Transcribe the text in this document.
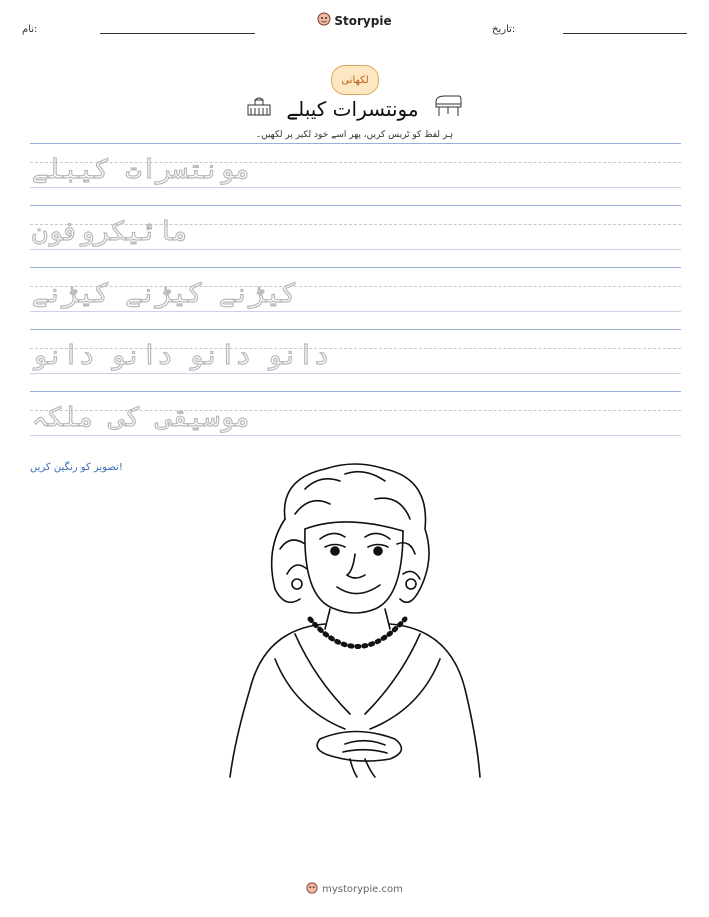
نام:	تاریخ:
Storypie
لکھانی
مونتسرات کیبلے
ہر لفظ کو ٹریس کریں، پھر اسے خود لکیر پر لکھیں۔
مونتسرات کیبلے
مائیکروفون
کیڑنے کیڑنے کیڑنے
دانو دانو دانو دانو
موسیقی کی ملکہ
تصویر کو رنگین کریں!
mystorypie.com
